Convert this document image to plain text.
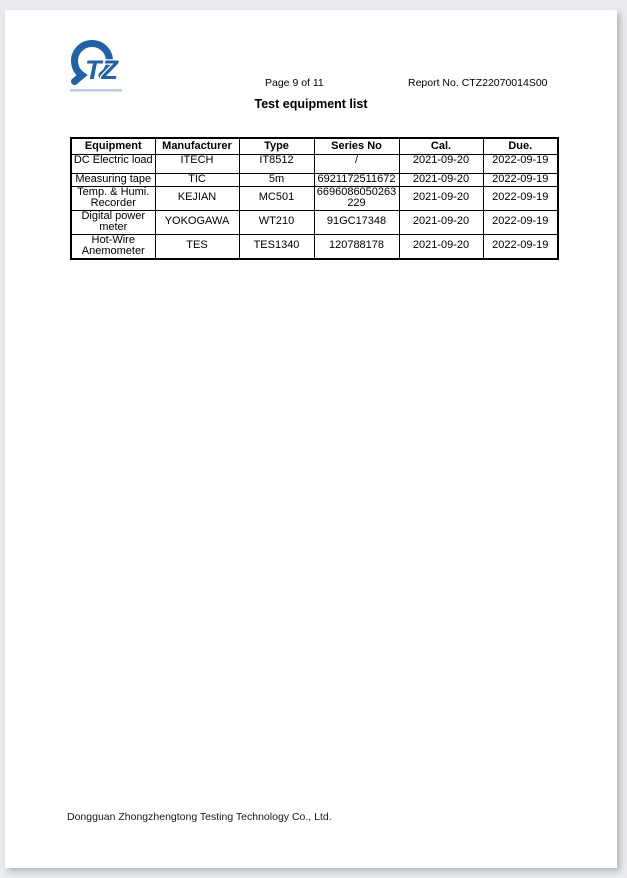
TZ	Page 9 of 11	Report No. CTZ22070014S00
Test equipment list
Equipment	Manufacturer	Type	Series No	Cal.	Due.
DC Electric load	ITECH	IT8512	/	2021-09-20	2022-09-19
Measuring tape	TIC	5m	6921172511672	2021-09-20	2022-09-19
Temp. & Humi. Recorder	KEJIAN	MC501	6696086050263229	2021-09-20	2022-09-19
Digital power meter	YOKOGAWA	WT210	91GC17348	2021-09-20	2022-09-19
Hot-Wire Anemometer	TES	TES1340	120788178	2021-09-20	2022-09-19
Dongguan Zhongzhengtong Testing Technology Co., Ltd.
